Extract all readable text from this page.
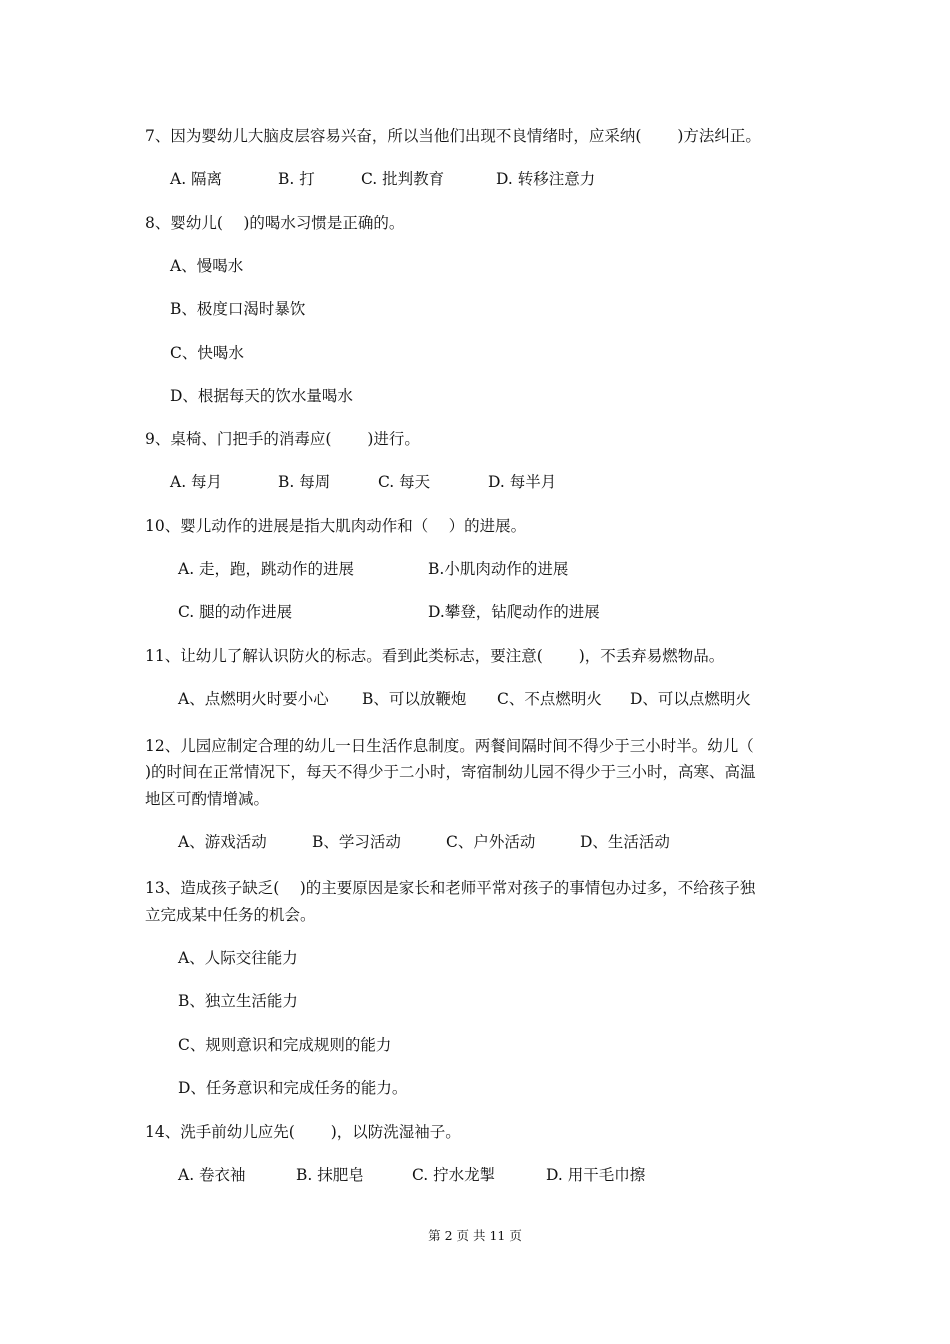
7、因为婴幼儿大脑皮层容易兴奋，所以当他们出现不良情绪时，应采纳(　 　)方法纠正。
A. 隔离	B. 打	C. 批判教育	D. 转移注意力
8、婴幼儿(　 )的喝水习惯是正确的。
A、慢喝水
B、极度口渴时暴饮
C、快喝水
D、根据每天的饮水量喝水
9、桌椅、门把手的消毒应(　 　)进行。
A. 每月	B. 每周	C. 每天	D. 每半月
10、婴儿动作的进展是指大肌肉动作和（　 ）的进展。
A. 走，跑，跳动作的进展	B.小肌肉动作的进展
C. 腿的动作进展	D.攀登，钻爬动作的进展
11、让幼儿了解认识防火的标志。看到此类标志，要注意(　 　)，不丢弃易燃物品。
A、点燃明火时要小心 B、可以放鞭炮 C、不点燃明火 D、可以点燃明火
12、儿园应制定合理的幼儿一日生活作息制度。两餐间隔时间不得少于三小时半。幼儿（
)的时间在正常情况下，每天不得少于二小时，寄宿制幼儿园不得少于三小时，高寒、高温
地区可酌情增减。
A、游戏活动	B、学习活动	C、户外活动	D、生活活动
13、造成孩子缺乏(　 )的主要原因是家长和老师平常对孩子的事情包办过多，不给孩子独
立完成某中任务的机会。
A、人际交往能力
B、独立生活能力
C、规则意识和完成规则的能力
D、任务意识和完成任务的能力。
14、洗手前幼儿应先(　 　)，以防洗湿袖子。
A. 卷衣袖	B. 抹肥皂	C. 拧水龙掣	D. 用干毛巾擦
第 2 页 共 11 页
